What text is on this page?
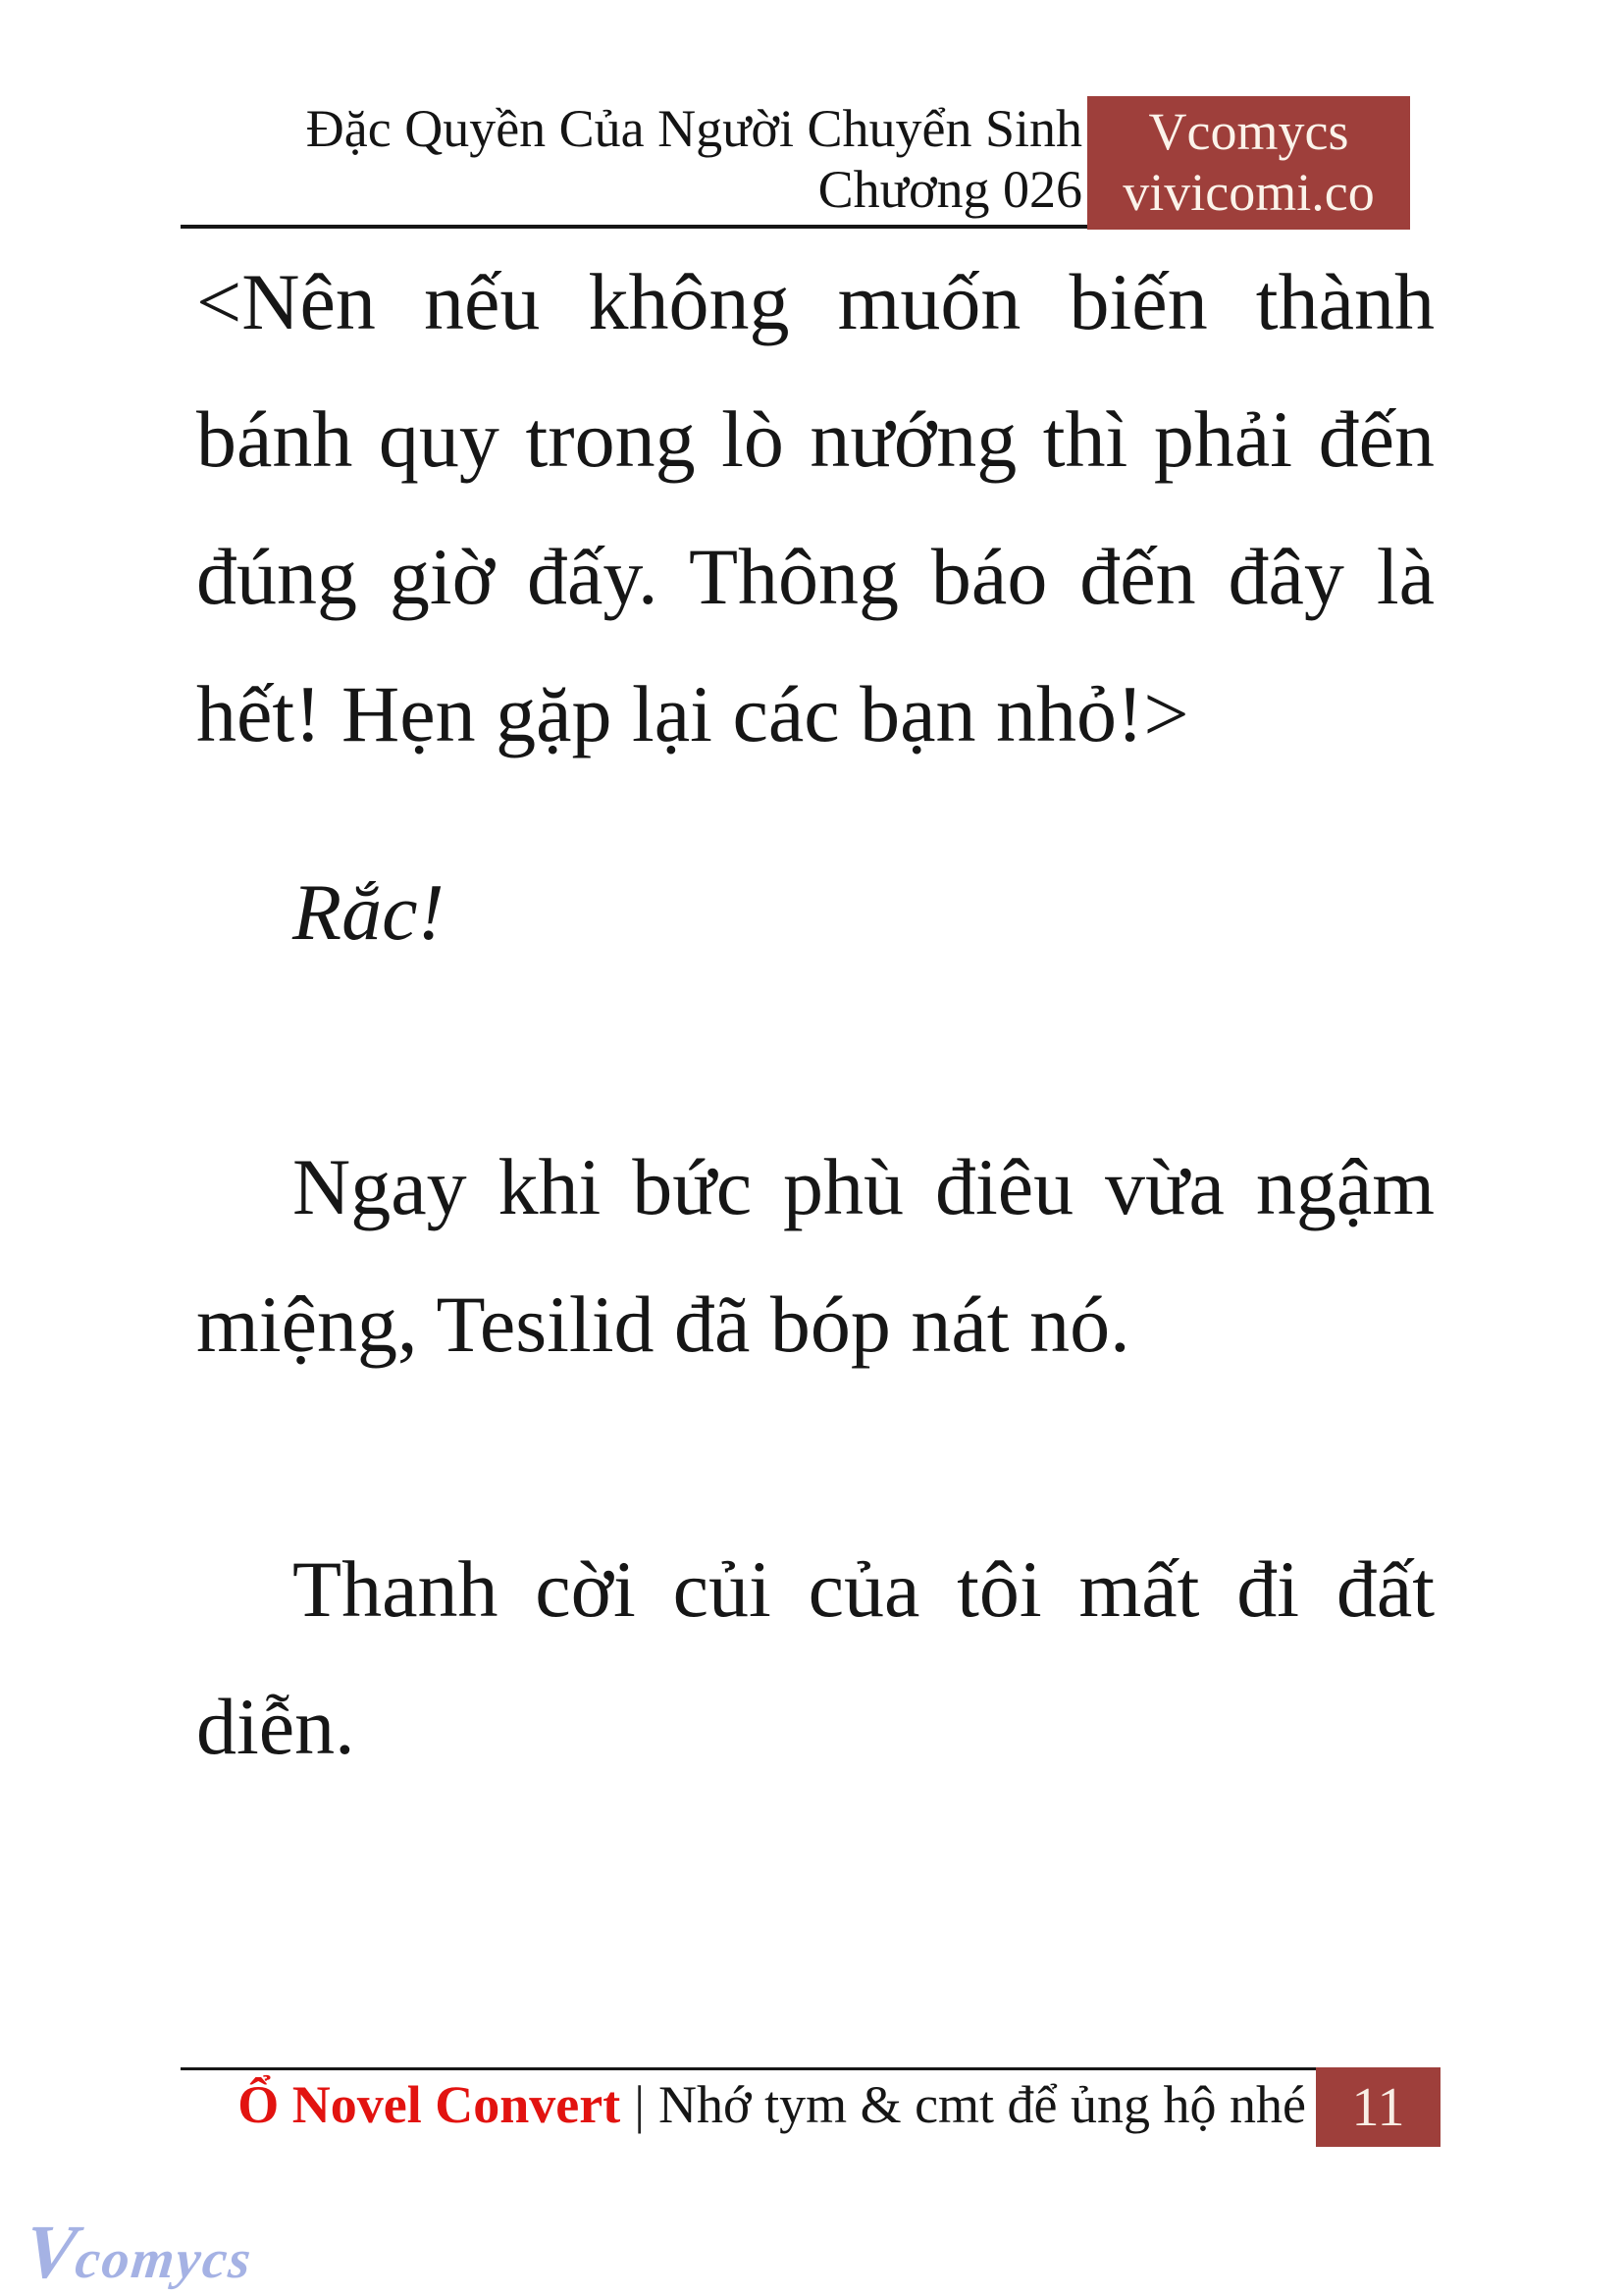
Đặc Quyền Của Người Chuyển Sinh
Chương 026
Vcomycs
vivicomi.co
<Nên nếu không muốn biến thành
bánh quy trong lò nướng thì phải đến
đúng giờ đấy. Thông báo đến đây là
hết! Hẹn gặp lại các bạn nhỏ!>
Rắc!
Ngay khi bức phù điêu vừa ngậm
miệng, Tesilid đã bóp nát nó.
Thanh cời củi của tôi mất đi đất
diễn.
Ổ Novel Convert | Nhớ tym & cmt để ủng hộ nhé 11
Vcomycs
